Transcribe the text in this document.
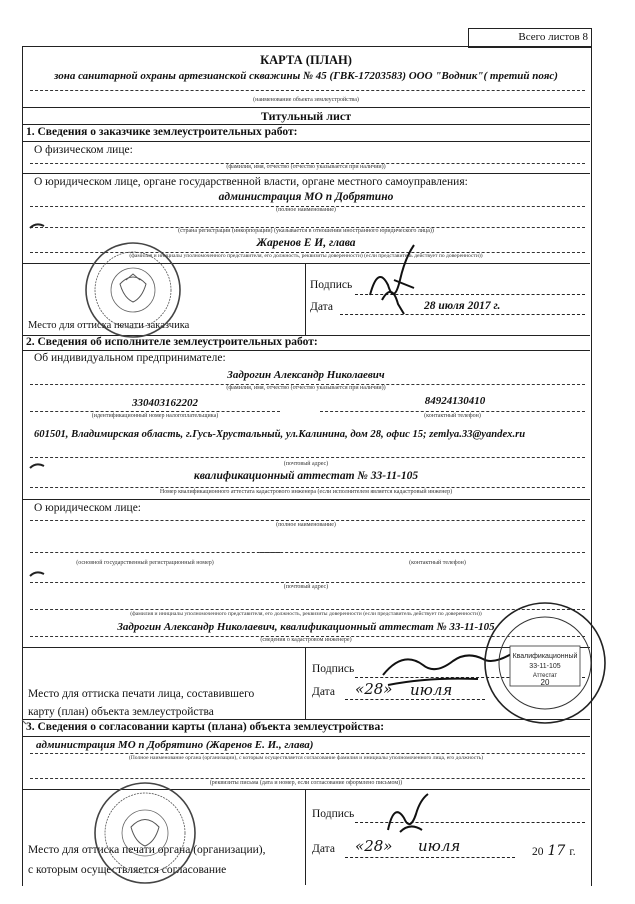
Всего листов 8
КАРТА (ПЛАН)
зона санитарной охраны артезианской скважины № 45 (ГВК-17203583) ООО "Водник"( третий пояс)
(наименование объекта землеустройства)
Титульный лист
1. Сведения о заказчике землеустроительных работ:
О физическом лице:
(фамилия, имя, отчество (отчество указывается при наличии))
О юридическом лице, органе государственной власти, органе местного самоуправления:
администрация МО п Добрятино
(полное наименование)
(страна регистрации (инкорпорации) (указывается в отношении иностранного юридического лица))
Жаренов Е И, глава
(фамилия и инициалы уполномоченного представителя, его должность, реквизиты доверенности) (если представитель действует по доверенности))
Подпись
Дата	28 июля 2017 г.
Место для оттиска печати заказчика
2. Сведения об исполнителе землеустроительных работ:
Об индивидуальном предпринимателе:
Задрогин Александр Николаевич
(фамилия, имя, отчество (отчество указывается при наличии))
330403162202	84924130410
(идентификационный номер налогоплательщика)	(контактный телефон)
601501, Владимирская область, г.Гусь-Хрустальный, ул.Калинина, дом 28, офис 15; zemlya.33@yandex.ru
(почтовый адрес)
квалификационный аттестат № 33-11-105
Номер квалификационного аттестата кадастрового инженера (если исполнителем является кадастровый инженер)
О юридическом лице:
(полное наименование)
(основной государственный регистрационный номер)	(контактный телефон)
(почтовый адрес)
(фамилия и инициалы уполномоченного представителя, его должность, реквизиты доверенности (если представитель действует по доверенности))
Задрогин Александр Николаевич, квалификационный аттестат № 33-11-105
(сведения о кадастровом инженере)
Подпись
Дата «28» июля
Место для оттиска печати лица, составившего
карту (план) объекта землеустройства
3. Сведения о согласовании карты (плана) объекта землеустройства:
администрация МО п Добрятино (Жаренов Е. И., глава)
(Полное наименование органа (организации), с которым осуществляется согласование фамилия и инициалы уполномоченного лица, его должность)
(реквизиты письма (дата и номер, если согласование оформлено письмом))
Подпись
Дата «28» июля	20 17 г.
Место для оттиска печати органа (организации),
с которым осуществляется согласование
Квалификационный
33-11-105
Аттестат
20
